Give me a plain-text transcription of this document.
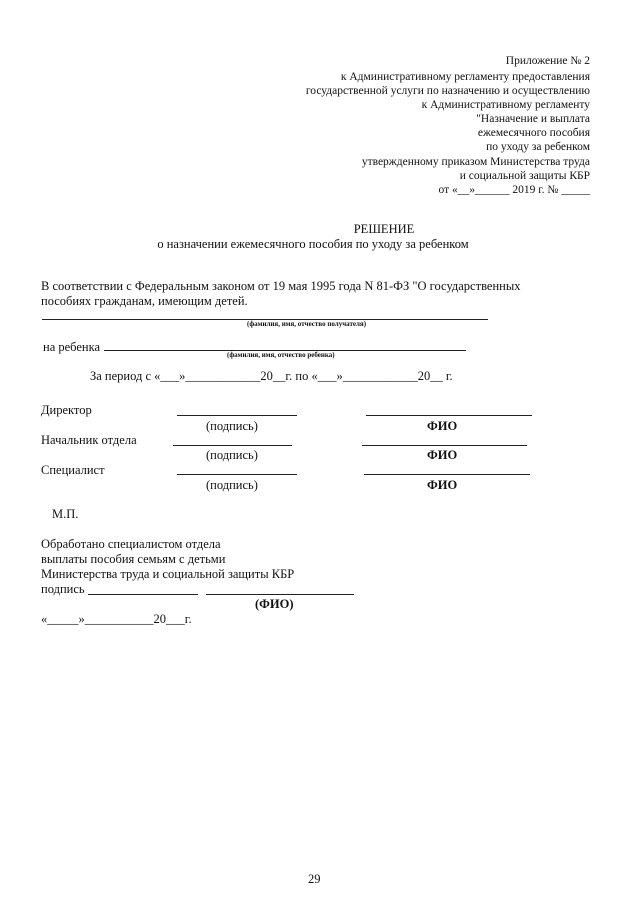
Приложение № 2
к Административному регламенту предоставления
государственной услуги по назначению и осуществлению
к Административному регламенту
"Назначение и выплата
ежемесячного пособия
по уходу за ребенком
утвержденному приказом Министерства труда
и социальной защиты КБР
от «__»______ 2019 г. № _____
РЕШЕНИЕ
о назначении ежемесячного пособия по уходу за ребенком
В соответствии с Федеральным законом от 19 мая 1995 года N 81-ФЗ "О государственных
пособиях гражданам, имеющим детей.
(фамилия, имя, отчество получателя)
на ребенка
(фамилия, имя, отчество ребенка)
За период с «___»____________20__г. по «___»____________20__ г.
Директор
(подпись)	ФИО
Начальник отдела
(подпись)	ФИО
Специалист
(подпись)	ФИО
М.П.
Обработано специалистом отдела
выплаты пособия семьям с детьми
Министерства труда и социальной защиты КБР
подпись
(ФИО)
«_____»___________20___г.
29
